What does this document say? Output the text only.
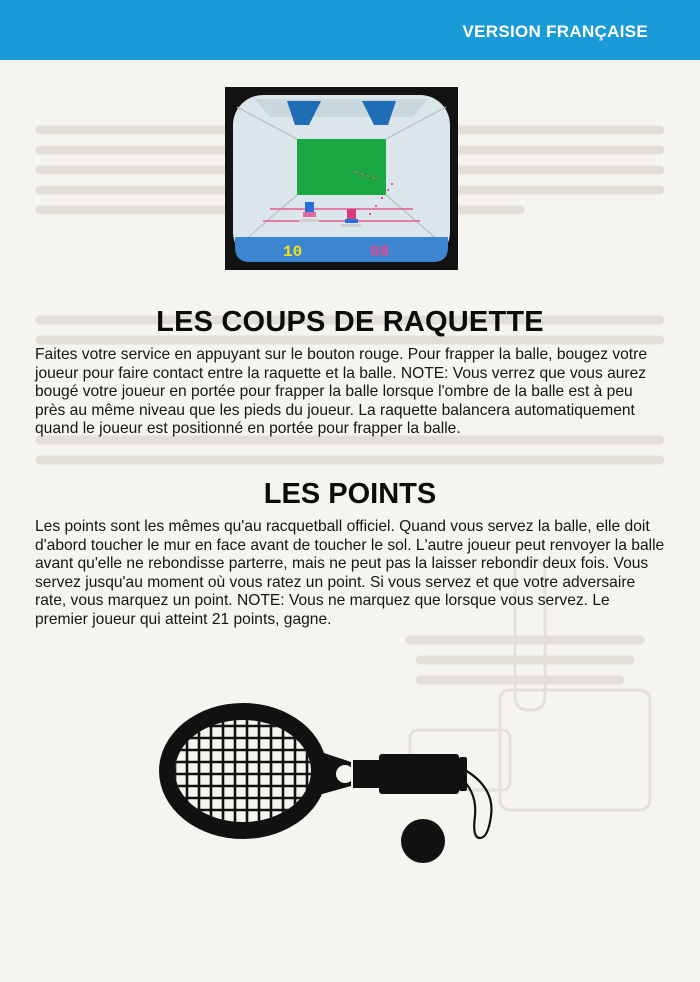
VERSION FRANÇAISE
10	08
LES COUPS DE RAQUETTE
Faites votre service en appuyant sur le bouton rouge. Pour frapper la balle, bougez votre joueur pour faire contact entre la raquette et la balle. NOTE: Vous verrez que vous aurez bougé votre joueur en portée pour frapper la balle lorsque l'ombre de la balle est à peu près au même niveau que les pieds du joueur. La raquette balancera automatiquement quand le joueur est positionné en portée pour frapper la balle.
LES POINTS
Les points sont les mêmes qu'au racquetball officiel. Quand vous servez la balle, elle doit d'abord toucher le mur en face avant de toucher le sol. L'autre joueur peut renvoyer la balle avant qu'elle ne rebondisse parterre, mais ne peut pas la laisser rebondir deux fois. Vous servez jusqu'au moment où vous ratez un point. Si vous servez et que votre adversaire rate, vous marquez un point. NOTE: Vous ne marquez que lorsque vous servez. Le premier joueur qui atteint 21 points, gagne.
